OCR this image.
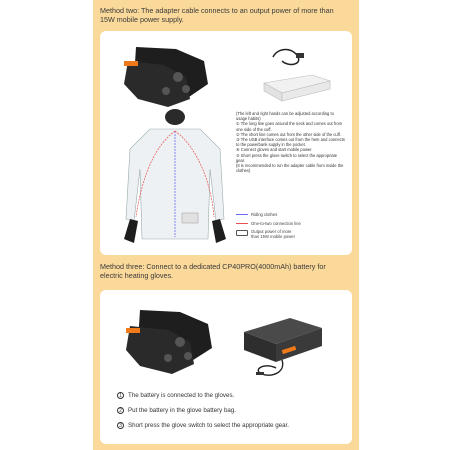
Method two: The adapter cable connects to an output power of more than 15W mobile power supply.
(The left and right hands can be adjusted according to usage habits)
① The long line goes around the neck and comes out from one side of the cuff.
② The short line comes out from the other side of the cuff.
③ The USB interface comes out from the hem and connects to the powerbank supply in the pocket.
④ Connect gloves and start mobile power.
⑤ Short press the glove switch to select the appropriate gear.
(It is recommended to run the adapter cable from inside the clothes)
Riding clothes
One-to-two connection line
Output power of more than 15W mobile power
Method three: Connect to a dedicated CP40PRO(4000mAh) battery for electric heating gloves.
1 The battery is connected to the gloves.
2 Put the battery in the glove battery bag.
3 Short press the glove switch to select the appropriate gear.
